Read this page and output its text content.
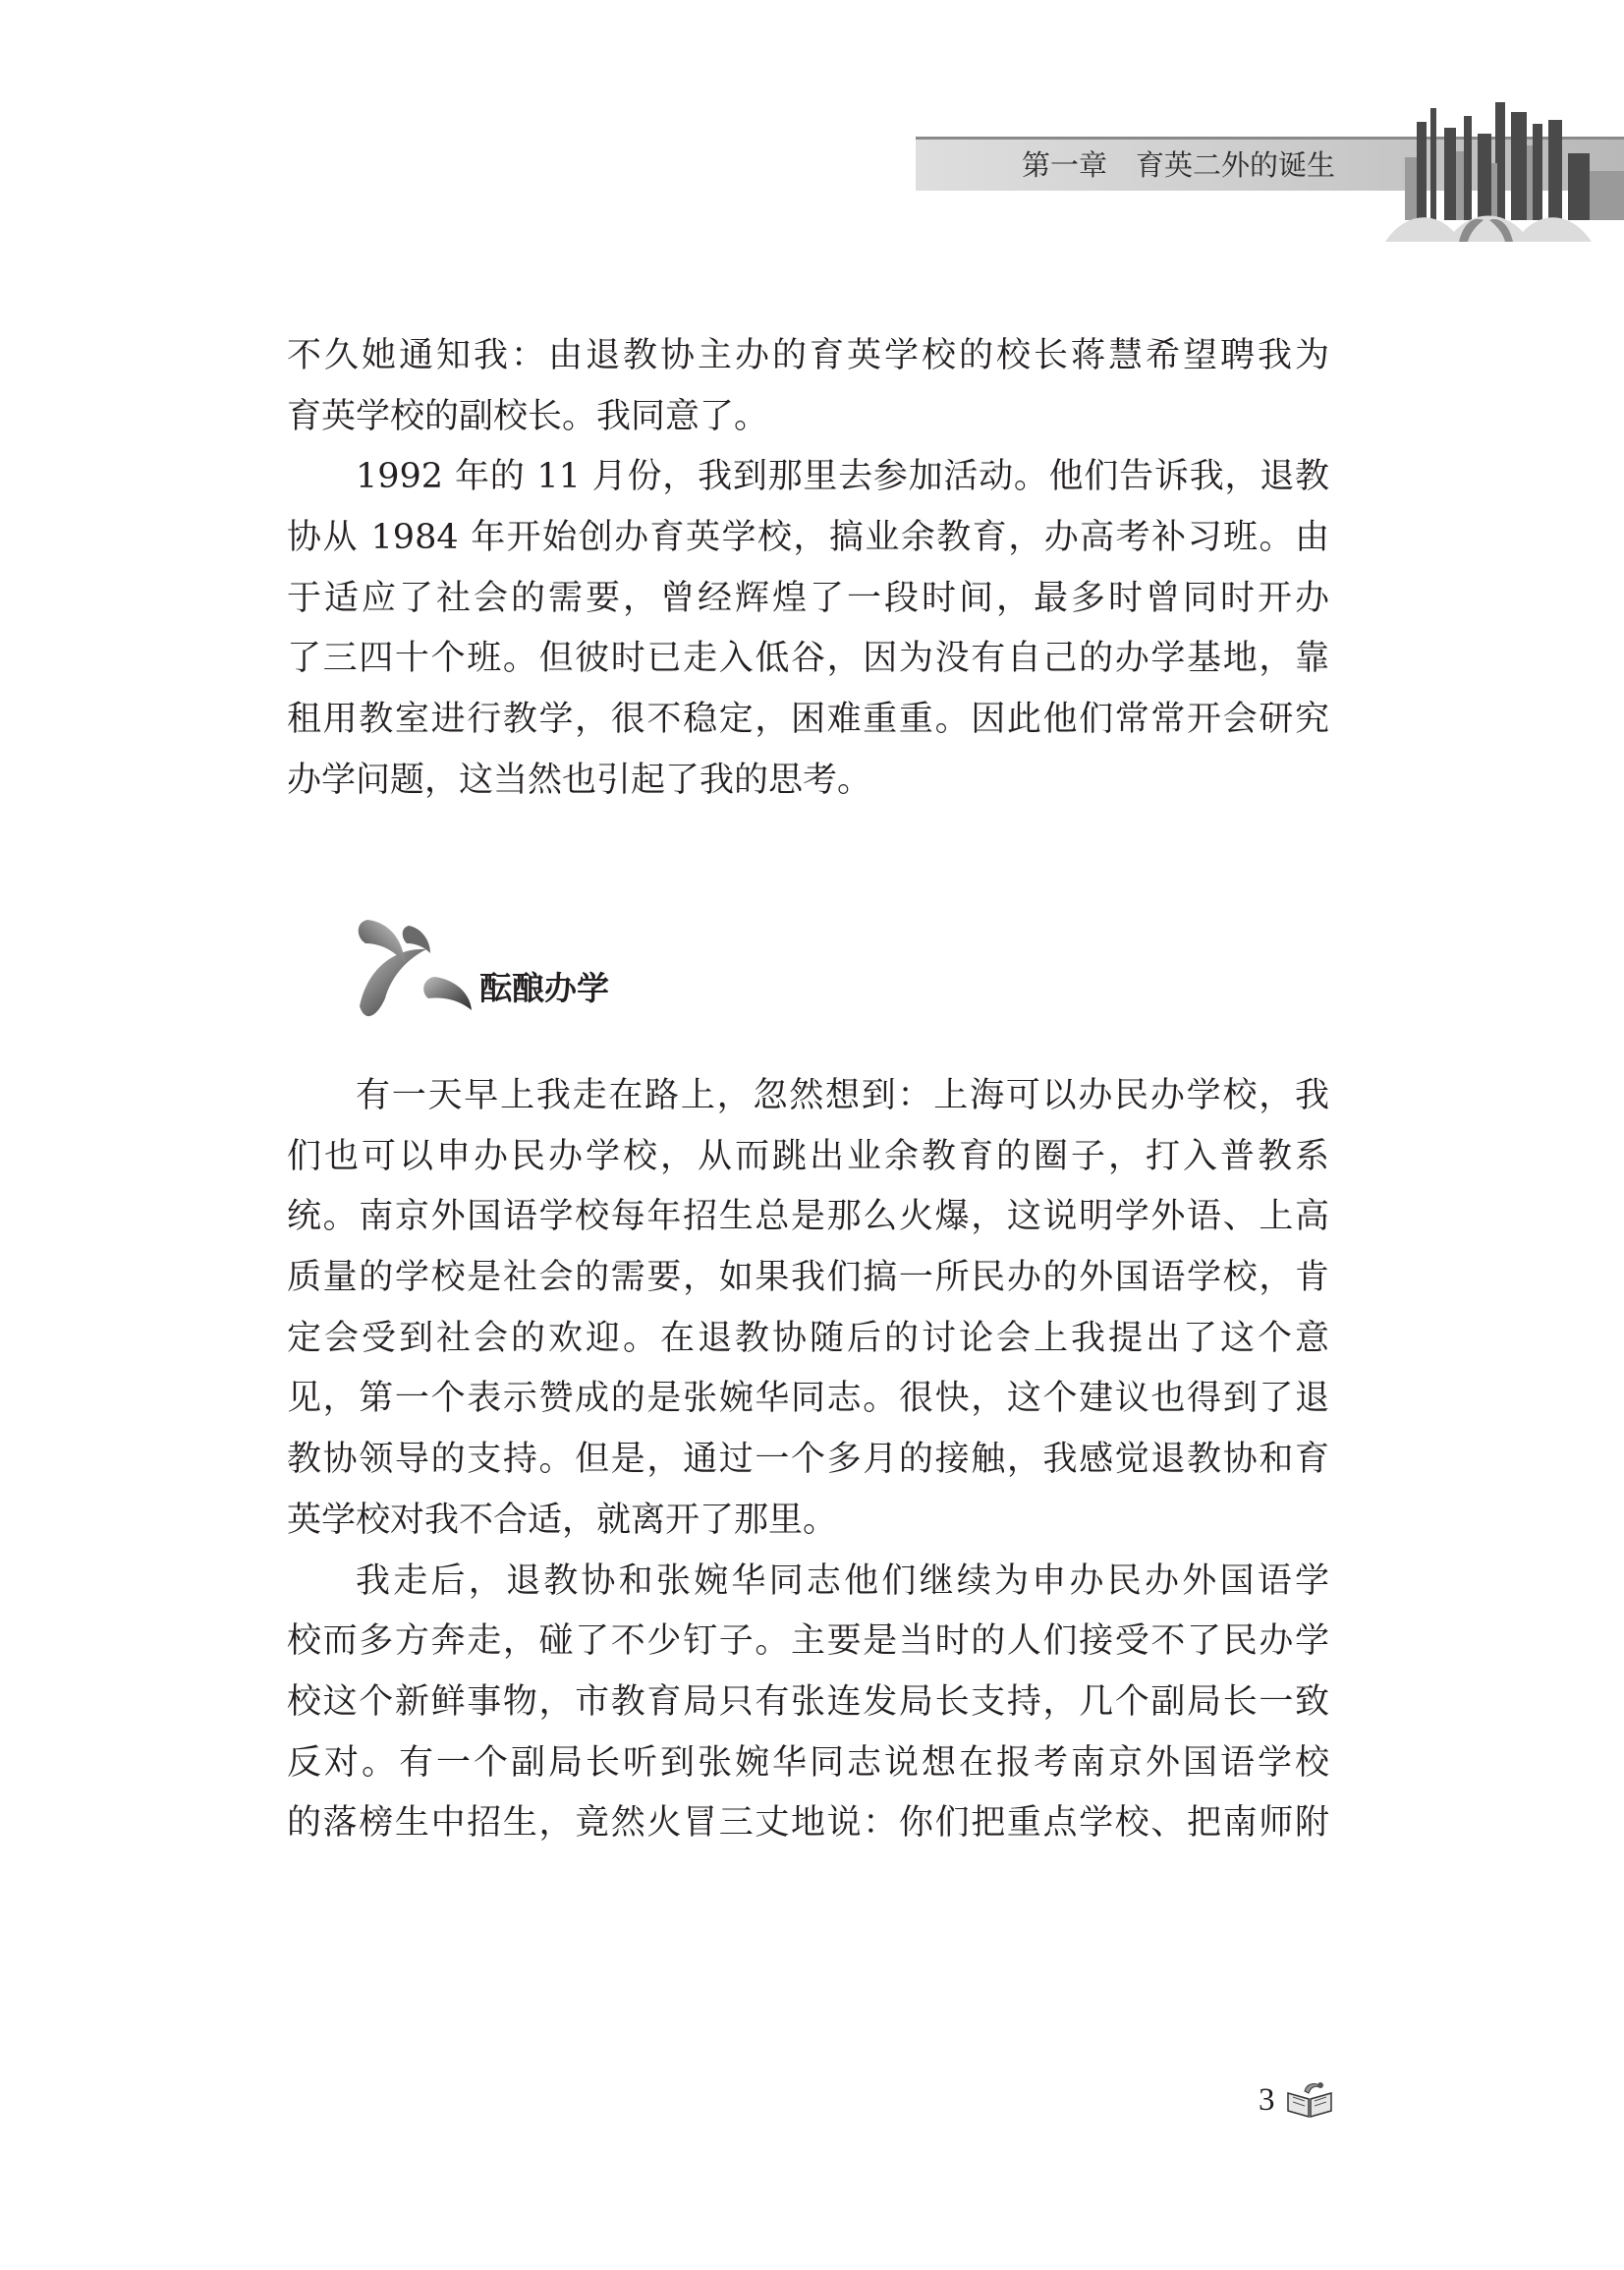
第一章　育英二外的诞生
不久她通知我：由退教协主办的育英学校的校长蒋慧希望聘我为
育英学校的副校长。我同意了。
1992 年的 11 月份，我到那里去参加活动。他们告诉我，退教
协从 1984 年开始创办育英学校，搞业余教育，办高考补习班。由
于适应了社会的需要，曾经辉煌了一段时间，最多时曾同时开办
了三四十个班。但彼时已走入低谷，因为没有自己的办学基地，靠
租用教室进行教学，很不稳定，困难重重。因此他们常常开会研究
办学问题，这当然也引起了我的思考。
酝酿办学
有一天早上我走在路上，忽然想到：上海可以办民办学校，我
们也可以申办民办学校，从而跳出业余教育的圈子，打入普教系
统。南京外国语学校每年招生总是那么火爆，这说明学外语、上高
质量的学校是社会的需要，如果我们搞一所民办的外国语学校，肯
定会受到社会的欢迎。在退教协随后的讨论会上我提出了这个意
见，第一个表示赞成的是张婉华同志。很快，这个建议也得到了退
教协领导的支持。但是，通过一个多月的接触，我感觉退教协和育
英学校对我不合适，就离开了那里。
我走后，退教协和张婉华同志他们继续为申办民办外国语学
校而多方奔走，碰了不少钉子。主要是当时的人们接受不了民办学
校这个新鲜事物，市教育局只有张连发局长支持，几个副局长一致
反对。有一个副局长听到张婉华同志说想在报考南京外国语学校
的落榜生中招生，竟然火冒三丈地说：你们把重点学校、把南师附
3
